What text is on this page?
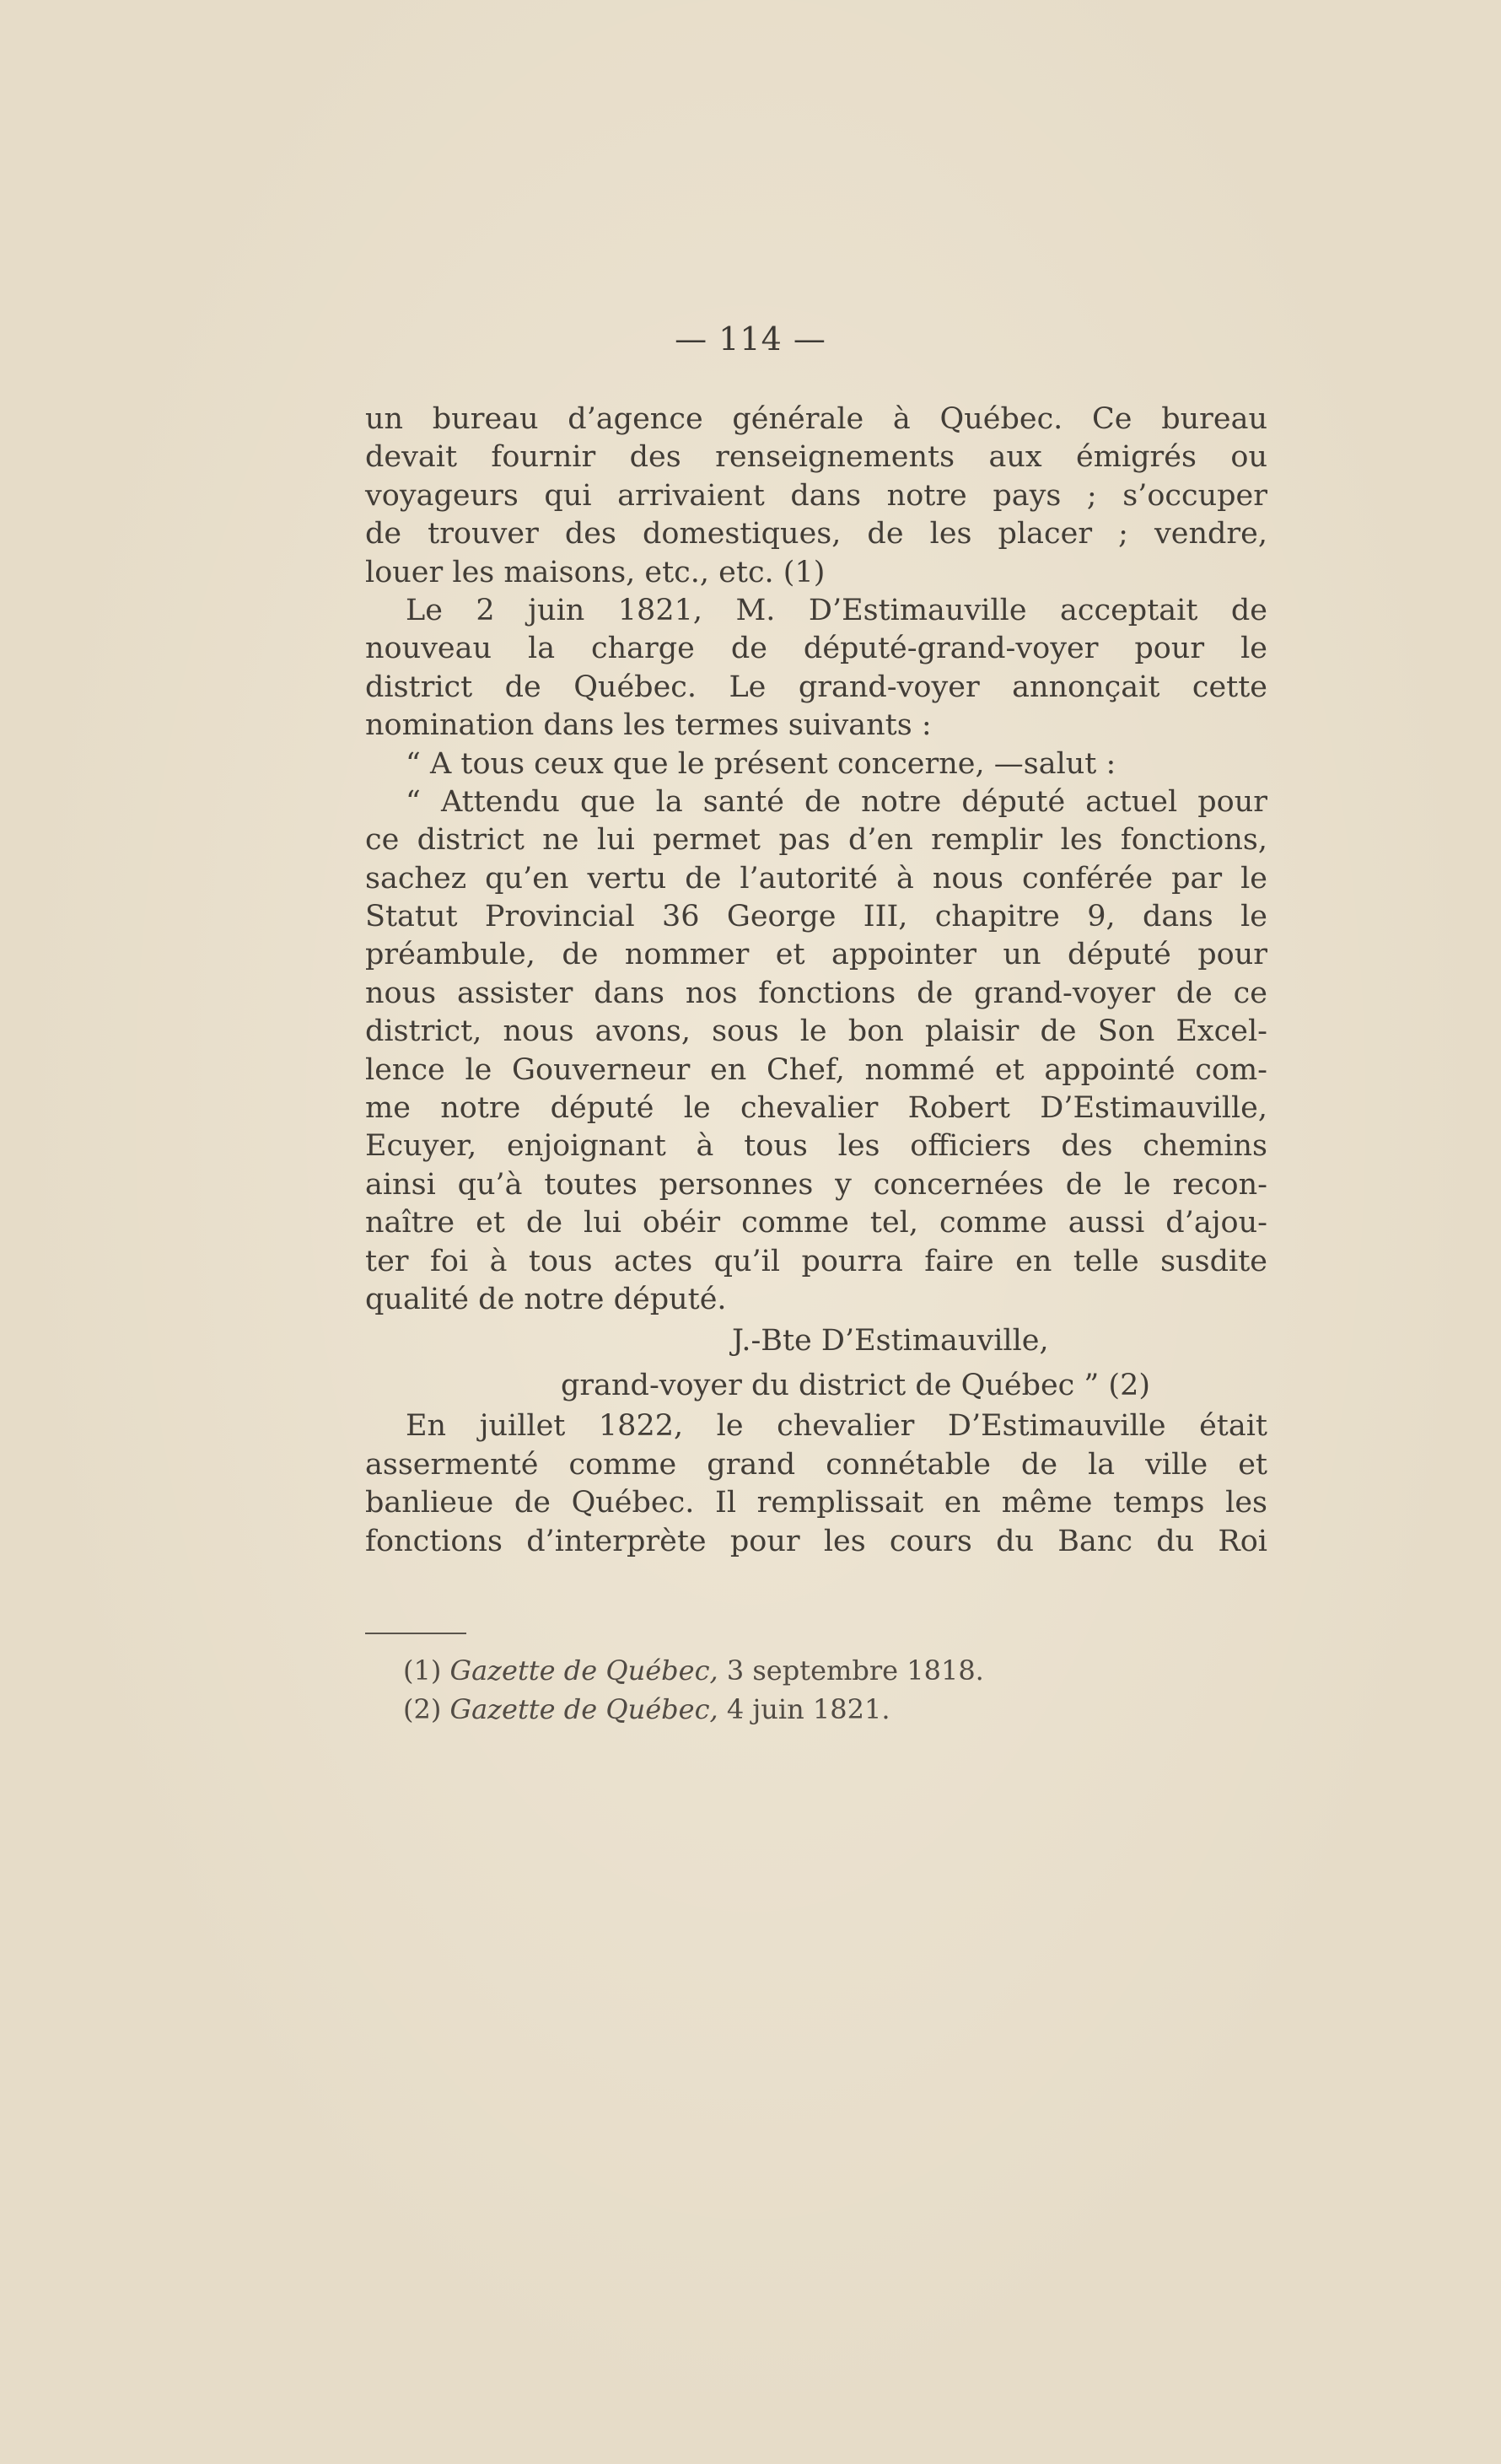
— 114 —
un bureau d’agence générale à Québec. Ce bureau
devait fournir des renseignements aux émigrés ou
voyageurs qui arrivaient dans notre pays ; s’occuper
de trouver des domestiques, de les placer ; vendre,
louer les maisons, etc., etc. (1)
Le 2 juin 1821, M. D’Estimauville acceptait de
nouveau la charge de député-grand-voyer pour le
district de Québec. Le grand-voyer annonçait cette
nomination dans les termes suivants :
“ A tous ceux que le présent concerne, —salut :
“ Attendu que la santé de notre député actuel pour
ce district ne lui permet pas d’en remplir les fonctions,
sachez qu’en vertu de l’autorité à nous conférée par le
Statut Provincial 36 George III, chapitre 9, dans le
préambule, de nommer et appointer un député pour
nous assister dans nos fonctions de grand-voyer de ce
district, nous avons, sous le bon plaisir de Son Excel-
lence le Gouverneur en Chef, nommé et appointé com-
me notre député le chevalier Robert D’Estimauville,
Ecuyer, enjoignant à tous les officiers des chemins
ainsi qu’à toutes personnes y concernées de le recon-
naître et de lui obéir comme tel, comme aussi d’ajou-
ter foi à tous actes qu’il pourra faire en telle susdite
qualité de notre député.
J.-Bte D’Estimauville,
grand-voyer du district de Québec ” (2)
En juillet 1822, le chevalier D’Estimauville était
assermenté comme grand connétable de la ville et
banlieue de Québec. Il remplissait en même temps les
fonctions d’interprète pour les cours du Banc du Roi
(1) Gazette de Québec, 3 septembre 1818.
(2) Gazette de Québec, 4 juin 1821.
